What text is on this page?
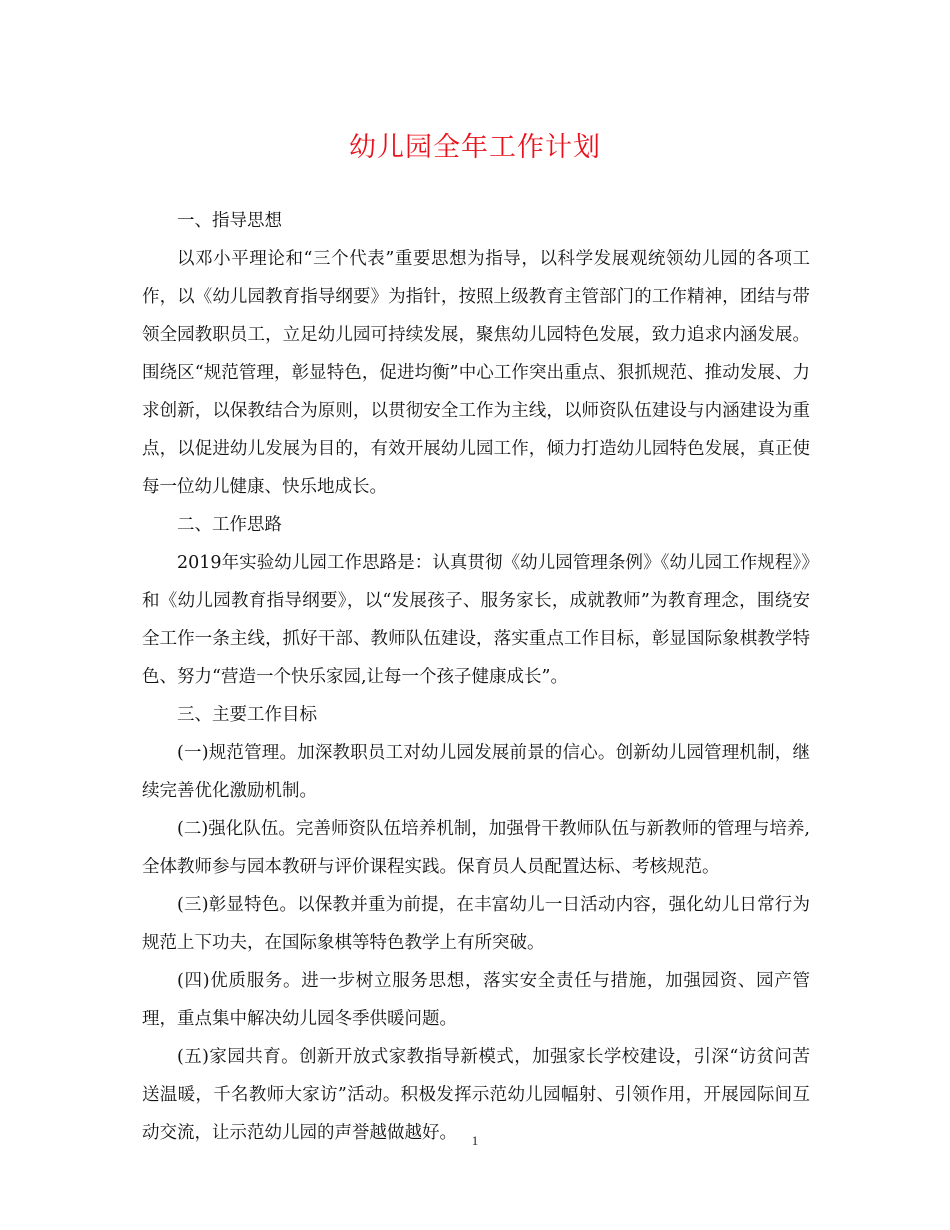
幼儿园全年工作计划

一、指导思想

以邓小平理论和“三个代表”重要思想为指导，以科学发展观统领幼儿园的各项工作，以《幼儿园教育指导纲要》为指针，按照上级教育主管部门的工作精神，团结与带领全园教职员工，立足幼儿园可持续发展，聚焦幼儿园特色发展，致力追求内涵发展。围绕区“规范管理，彰显特色，促进均衡”中心工作突出重点、狠抓规范、推动发展、力求创新，以保教结合为原则，以贯彻安全工作为主线，以师资队伍建设与内涵建设为重点，以促进幼儿发展为目的，有效开展幼儿园工作，倾力打造幼儿园特色发展，真正使每一位幼儿健康、快乐地成长。

二、工作思路

2019年实验幼儿园工作思路是：认真贯彻《幼儿园管理条例》《幼儿园工作规程》》和《幼儿园教育指导纲要》，以“发展孩子、服务家长，成就教师”为教育理念，围绕安全工作一条主线，抓好干部、教师队伍建设，落实重点工作目标，彰显国际象棋教学特色、努力“营造一个快乐家园,让每一个孩子健康成长”。

三、主要工作目标

(一)规范管理。加深教职员工对幼儿园发展前景的信心。创新幼儿园管理机制，继续完善优化激励机制。

(二)强化队伍。完善师资队伍培养机制，加强骨干教师队伍与新教师的管理与培养,全体教师参与园本教研与评价课程实践。保育员人员配置达标、考核规范。

(三)彰显特色。以保教并重为前提，在丰富幼儿一日活动内容，强化幼儿日常行为规范上下功夫，在国际象棋等特色教学上有所突破。

(四)优质服务。进一步树立服务思想，落实安全责任与措施，加强园资、园产管理，重点集中解决幼儿园冬季供暖问题。

(五)家园共育。创新开放式家教指导新模式，加强家长学校建设，引深“访贫问苦送温暖，千名教师大家访”活动。积极发挥示范幼儿园幅射、引领作用，开展园际间互动交流，让示范幼儿园的声誉越做越好。	1
